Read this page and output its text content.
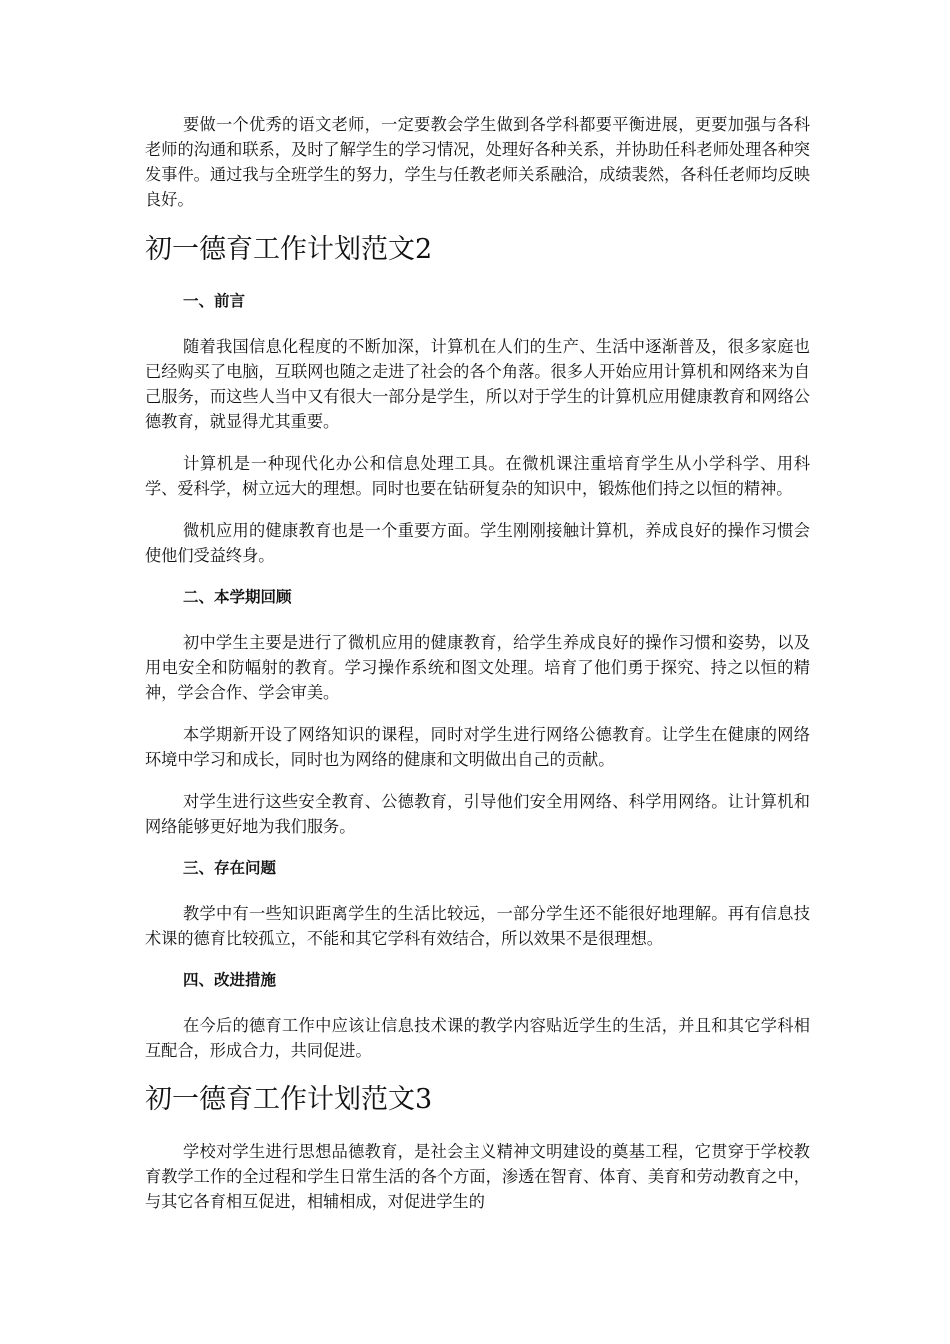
要做一个优秀的语文老师，一定要教会学生做到各学科都要平衡进展，更要加强与各科老师的沟通和联系，及时了解学生的学习情况，处理好各种关系，并协助任科老师处理各种突发事件。通过我与全班学生的努力，学生与任教老师关系融洽，成绩裴然，各科任老师均反映良好。

初一德育工作计划范文2
一、前言

随着我国信息化程度的不断加深，计算机在人们的生产、生活中逐渐普及，很多家庭也已经购买了电脑，互联网也随之走进了社会的各个角落。很多人开始应用计算机和网络来为自己服务，而这些人当中又有很大一部分是学生，所以对于学生的计算机应用健康教育和网络公德教育，就显得尤其重要。

计算机是一种现代化办公和信息处理工具。在微机课注重培育学生从小学科学、用科学、爱科学，树立远大的理想。同时也要在钻研复杂的知识中，锻炼他们持之以恒的精神。

微机应用的健康教育也是一个重要方面。学生刚刚接触计算机，养成良好的操作习惯会使他们受益终身。

二、本学期回顾

初中学生主要是进行了微机应用的健康教育，给学生养成良好的操作习惯和姿势，以及用电安全和防幅射的教育。学习操作系统和图文处理。培育了他们勇于探究、持之以恒的精神，学会合作、学会审美。

本学期新开设了网络知识的课程，同时对学生进行网络公德教育。让学生在健康的网络环境中学习和成长，同时也为网络的健康和文明做出自己的贡献。

对学生进行这些安全教育、公德教育，引导他们安全用网络、科学用网络。让计算机和网络能够更好地为我们服务。

三、存在问题

教学中有一些知识距离学生的生活比较远，一部分学生还不能很好地理解。再有信息技术课的德育比较孤立，不能和其它学科有效结合，所以效果不是很理想。

四、改进措施

在今后的德育工作中应该让信息技术课的教学内容贴近学生的生活，并且和其它学科相互配合，形成合力，共同促进。

初一德育工作计划范文3

学校对学生进行思想品德教育，是社会主义精神文明建设的奠基工程，它贯穿于学校教育教学工作的全过程和学生日常生活的各个方面，渗透在智育、体育、美育和劳动教育之中，与其它各育相互促进，相辅相成，对促进学生的
